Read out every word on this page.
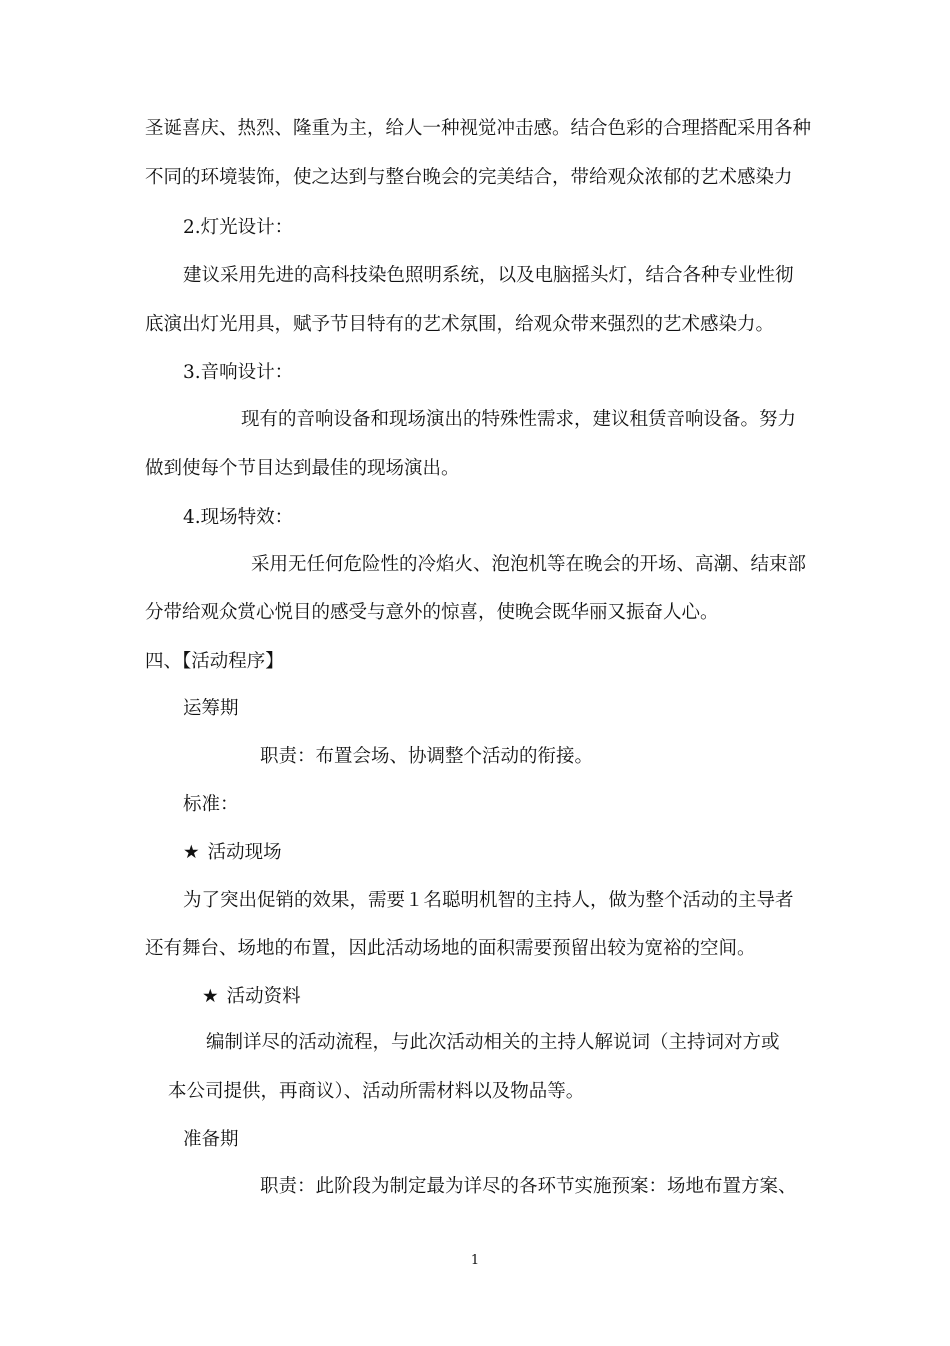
圣诞喜庆、热烈、隆重为主，给人一种视觉冲击感。结合色彩的合理搭配采用各种
不同的环境装饰，使之达到与整台晚会的完美结合，带给观众浓郁的艺术感染力
2.灯光设计：
建议采用先进的高科技染色照明系统，以及电脑摇头灯，结合各种专业性彻
底演出灯光用具，赋予节目特有的艺术氛围，给观众带来强烈的艺术感染力。
3.音响设计：
现有的音响设备和现场演出的特殊性需求，建议租赁音响设备。努力
做到使每个节目达到最佳的现场演出。
4.现场特效：
采用无任何危险性的冷焰火、泡泡机等在晚会的开场、高潮、结束部
分带给观众赏心悦目的感受与意外的惊喜，使晚会既华丽又振奋人心。
四、【活动程序】
运筹期
职责：布置会场、协调整个活动的衔接。
标准：
★ 活动现场
为了突出促销的效果，需要１名聪明机智的主持人，做为整个活动的主导者
还有舞台、场地的布置，因此活动场地的面积需要预留出较为宽裕的空间。
★ 活动资料
编制详尽的活动流程，与此次活动相关的主持人解说词（主持词对方或
本公司提供，再商议）、活动所需材料以及物品等。
准备期
职责：此阶段为制定最为详尽的各环节实施预案：场地布置方案、
1
